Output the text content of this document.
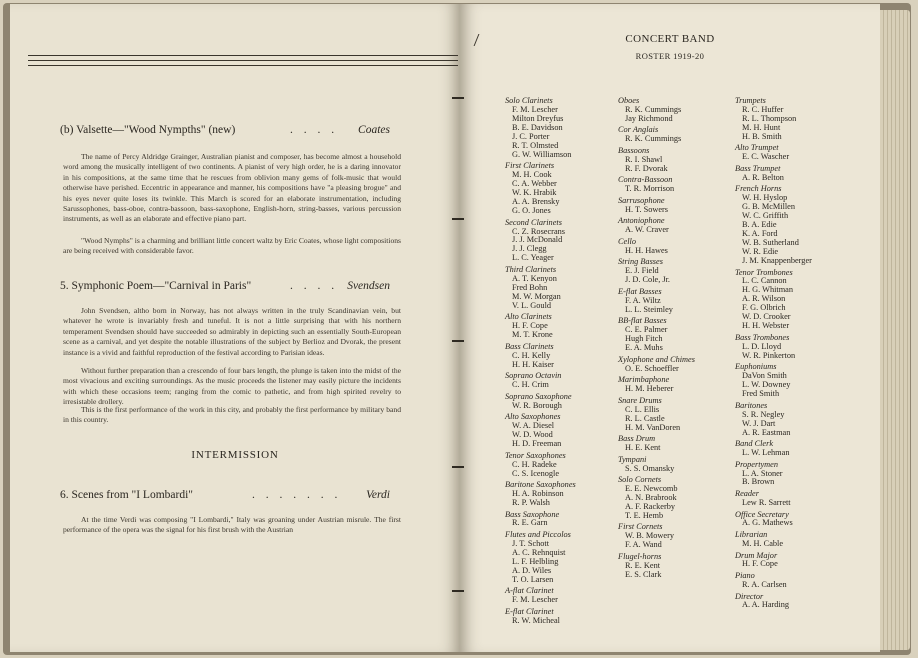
(b) Valsette—"Wood Nympths" (new)	. . . . Coates

The name of Percy Aldridge Grainger, Australian pianist and composer, has become almost a household word among the musically intelligent of two continents. A pianist of very high order, he is a daring innovator in his compositions, at the same time that he rescues from oblivion many gems of folk-music that would otherwise have perished. Eccentric in appearance and manner, his compositions have "a pleasing brogue" and his eyes never quite loses its twinkle. This March is scored for an elaborate instrumentation, including Sarussophones, bass-oboe, contra-bassoon, bass-saxophone, English-horn, string-basses, various percussion instruments, as well as an elaborate and effective piano part.

"Wood Nymphs" is a charming and brilliant little concert waltz by Eric Coates, whose light compositions are being received with considerable favor.

5. Symphonic Poem—"Carnival in Paris"	. . . . Svendsen

John Svendsen, altho born in Norway, has not always written in the truly Scandinavian vein, but whatever he wrote is invariably fresh and tuneful. It is not a little surprising that with his northern temperament Svendsen should have succeeded so admirably in depicting such an essentially South-European scene as a carnival, and yet despite the notable illustrations of the subject by Berlioz and Dvorak, the present instance is a vivid and faithful reproduction of the festival according to Parisian ideas.

Without further preparation than a crescendo of four bars length, the plunge is taken into the midst of the most vivacious and exciting surroundings. As the music proceeds the listener may easily picture the incidents with which these occasions teem; ranging from the comic to pathetic, and from high spirited revelry to irresistable drollery.

This is the first performance of the work in this city, and probably the first performance by military band in this country.

INTERMISSION
6. Scenes from "I Lombardi"	. . . . . . . Verdi

At the time Verdi was composing "I Lombardi," Italy was groaning under Austrian misrule. The first performance of the opera was the signal for his first brush with the Austrian

CONCERT BAND
ROSTER 1919-20
Solo Clarinets
F. M. Lescher
Milton Dreyfus
B. E. Davidson
J. C. Porter
R. T. Olmsted
G. W. Williamson
First Clarinets
M. H. Cook
C. A. Webber
W. K. Hrabik
A. A. Brensky
G. O. Jones
Second Clarinets
C. Z. Rosecrans
J. J. McDonald
J. J. Clegg
L. C. Yeager
Third Clarinets
A. T. Kenyon
Fred Bohn
M. W. Morgan
V. L. Gould
Alto Clarinets
H. F. Cope
M. T. Krone
Bass Clarinets
C. H. Kelly
H. H. Kaiser
Soprano Octavin
C. H. Crim
Soprano Saxophone
W. R. Borough
Alto Saxophones
W. A. Diesel
W. D. Wood
H. D. Freeman
Tenor Saxophones
C. H. Radeke
C. S. Icenogle
Baritone Saxophones
H. A. Robinson
R. P. Walsh
Bass Saxophone
R. E. Garn
Flutes and Piccolos
J. T. Schott
A. C. Rehnquist
L. F. Helbling
A. D. Wiles
T. O. Larsen
A-flat Clarinet
F. M. Lescher
E-flat Clarinet
R. W. Micheal
Oboes
R. K. Cummings
Jay Richmond
Cor Anglais
R. K. Cummings
Bassoons
R. I. Shawl
R. F. Dvorak
Contra-Bassoon
T. R. Morrison
Sarrusophone
H. T. Sowers
Antoniophone
A. W. Craver
Cello
H. H. Hawes
String Basses
E. J. Field
J. D. Cole, Jr.
E-flat Basses
F. A. Wiltz
L. L. Steimley
BB-flat Basses
C. E. Palmer
Hugh Fitch
E. A. Muhs
Xylophone and Chimes
O. E. Schoeffler
Marimbaphone
H. M. Heberer
Snare Drums
C. L. Ellis
R. L. Castle
H. M. VanDoren
Bass Drum
H. E. Kent
Tympani
S. S. Omansky
Solo Cornets
E. E. Newcomb
A. N. Brabrook
A. F. Rackerby
T. E. Hemb
First Cornets
W. B. Mowery
F. A. Wand
Flugel-horns
R. E. Kent
E. S. Clark
Trumpets
R. C. Huffer
R. L. Thompson
M. H. Hunt
H. B. Smith
Alto Trumpet
E. C. Wascher
Bass Trumpet
A. R. Belton
French Horns
W. H. Hyslop
G. B. McMillen
W. C. Griffith
B. A. Edie
K. A. Ford
W. B. Sutherland
W. R. Edie
J. M. Knappenberger
Tenor Trombones
L. C. Cannon
H. G. Whitman
A. R. Wilson
F. G. Olbrich
W. D. Crooker
H. H. Webster
Bass Trombones
L. D. Lloyd
W. R. Pinkerton
Euphoniums
DaVon Smith
L. W. Downey
Fred Smith
Baritones
S. R. Negley
W. J. Dart
A. R. Eastman
Band Clerk
L. W. Lehman
Propertymen
L. A. Stoner
B. Brown
Reader
Lew R. Sarrett
Office Secretary
A. G. Mathews
Librarian
M. H. Cable
Drum Major
H. F. Cope
Piano
R. A. Carlsen
Director
A. A. Harding
